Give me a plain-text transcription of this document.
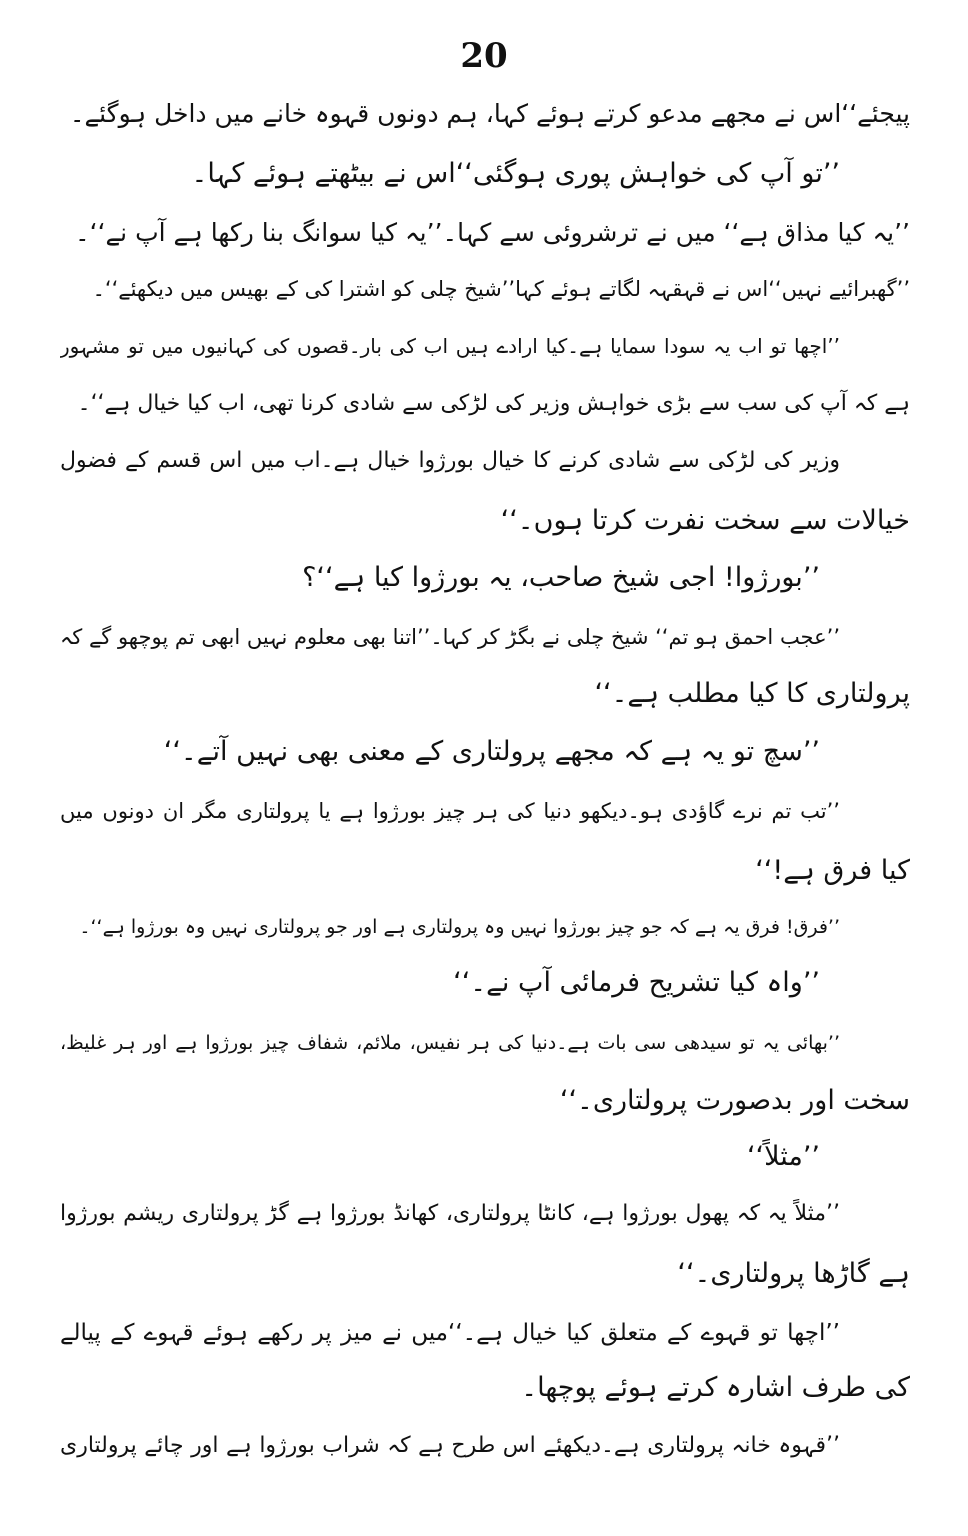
20
پیجئے‘‘اس نے مجھے مدعو کرتے ہوئے کہا، ہم دونوں قہوہ خانے میں داخل ہوگئے۔
’’تو آپ کی خواہش پوری ہوگئی‘‘اس نے بیٹھتے ہوئے کہا۔
’’یہ کیا مذاق ہے‘‘ میں نے ترشروئی سے کہا۔’’یہ کیا سوانگ بنا رکھا ہے آپ نے‘‘۔
’’گھبرائیے نہیں‘‘اس نے قہقہہ لگاتے ہوئے کہا’’شیخ چلی کو اشترا کی کے بھیس میں دیکھئے‘‘۔
’’اچھا تو اب یہ سودا سمایا ہے۔کیا ارادے ہیں اب کی بار۔قصوں کی کہانیوں میں تو مشہور
ہے کہ آپ کی سب سے بڑی خواہش وزیر کی لڑکی سے شادی کرنا تھی، اب کیا خیال ہے‘‘۔
وزیر کی لڑکی سے شادی کرنے کا خیال بورژوا خیال ہے۔اب میں اس قسم کے فضول
خیالات سے سخت نفرت کرتا ہوں۔‘‘
’’بورژوا! اجی شیخ صاحب، یہ بورژوا کیا ہے‘‘؟
’’عجب احمق ہو تم‘‘ شیخ چلی نے بگڑ کر کہا۔’’اتنا بھی معلوم نہیں ابھی تم پوچھو گے کہ
پرولتاری کا کیا مطلب ہے۔‘‘
’’سچ تو یہ ہے کہ مجھے پرولتاری کے معنی بھی نہیں آتے۔‘‘
’’تب تم نرے گاؤدی ہو۔دیکھو دنیا کی ہر چیز بورژوا ہے یا پرولتاری مگر ان دونوں میں
کیا فرق ہے!‘‘
’’فرق! فرق یہ ہے کہ جو چیز بورژوا نہیں وہ پرولتاری ہے اور جو پرولتاری نہیں وہ بورژوا ہے‘‘۔
’’واہ کیا تشریح فرمائی آپ نے۔‘‘
’’بھائی یہ تو سیدھی سی بات ہے۔دنیا کی ہر نفیس، ملائم، شفاف چیز بورژوا ہے اور ہر غلیظ،
سخت اور بدصورت پرولتاری۔‘‘
’’مثلاً‘‘
’’مثلاً یہ کہ پھول بورژوا ہے، کانٹا پرولتاری، کھانڈ بورژوا ہے گڑ پرولتاری ریشم بورژوا
ہے گاڑھا پرولتاری۔‘‘
’’اچھا تو قہوے کے متعلق کیا خیال ہے۔‘‘میں نے میز پر رکھے ہوئے قہوے کے پیالے
کی طرف اشارہ کرتے ہوئے پوچھا۔
’’قہوہ خانہ پرولتاری ہے۔دیکھئے اس طرح ہے کہ شراب بورژوا ہے اور چائے پرولتاری
